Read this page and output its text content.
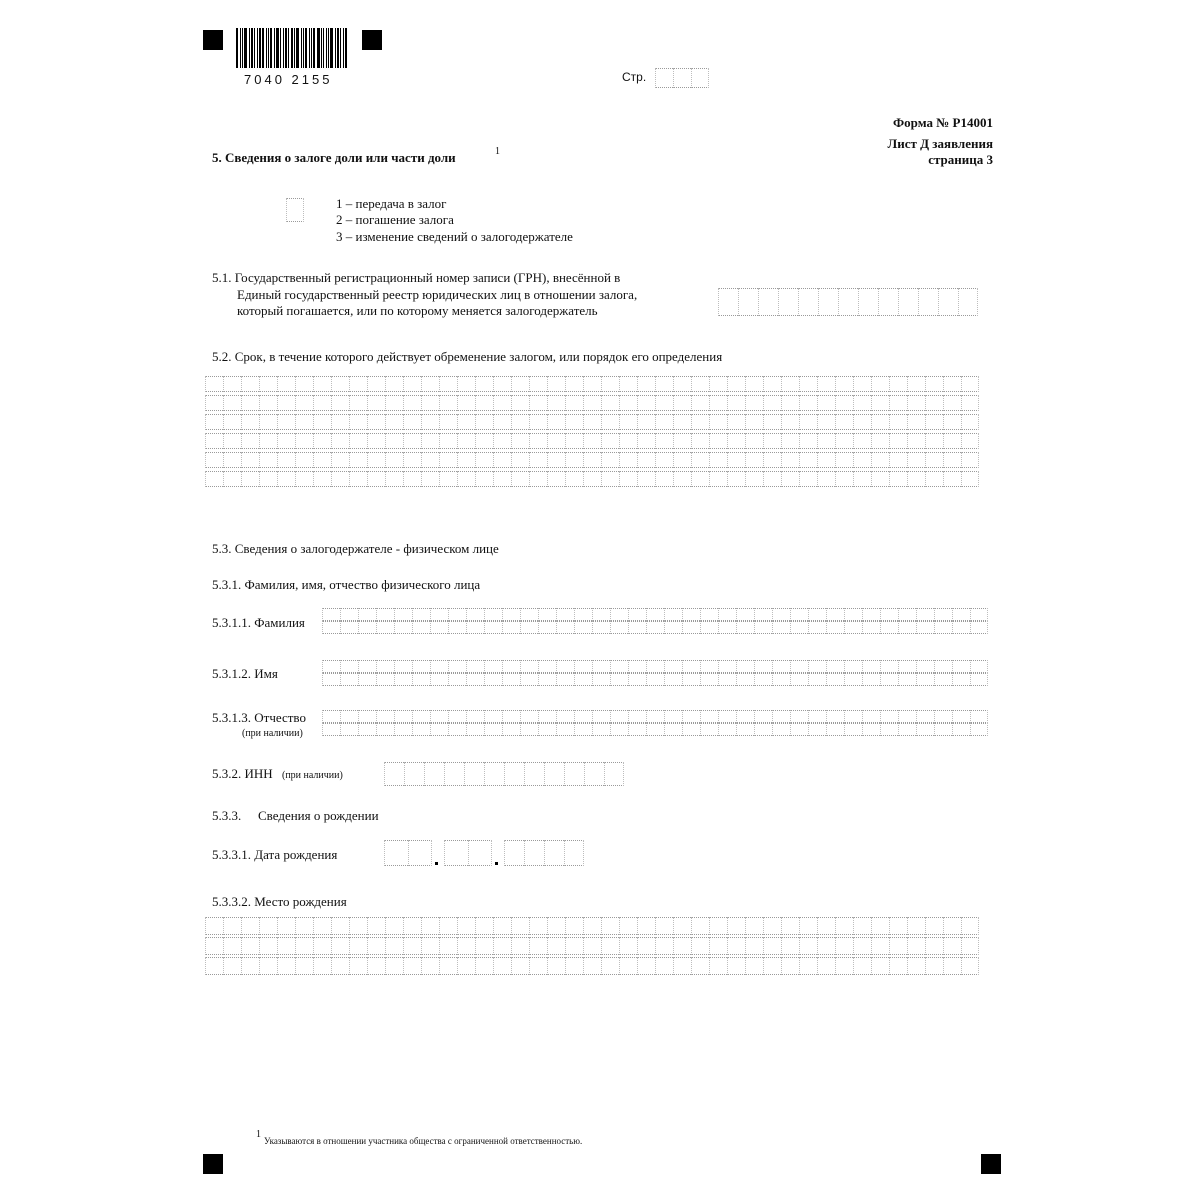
7040 2155	Стр.
Форма № Р14001
Лист Д заявления
страница 3
5. Сведения о залоге доли или части доли	1
1 – передача в залог
2 – погашение залога
3 – изменение сведений о залогодержателе
5.1. Государственный регистрационный номер записи (ГРН), внесённой в
Единый государственный реестр юридических лиц в отношении залога,
который погашается, или по которому меняется залогодержатель
5.2. Срок, в течение которого действует обременение залогом, или порядок его определения
5.3. Сведения о залогодержателе - физическом лице
5.3.1. Фамилия, имя, отчество физического лица
5.3.1.1. Фамилия
5.3.1.2. Имя
5.3.1.3. Отчество
(при наличии)
5.3.2. ИНН (при наличии)
5.3.3. Сведения о рождении
5.3.3.1. Дата рождения
5.3.3.2. Место рождения
1
Указываются в отношении участника общества с ограниченной ответственностью.
